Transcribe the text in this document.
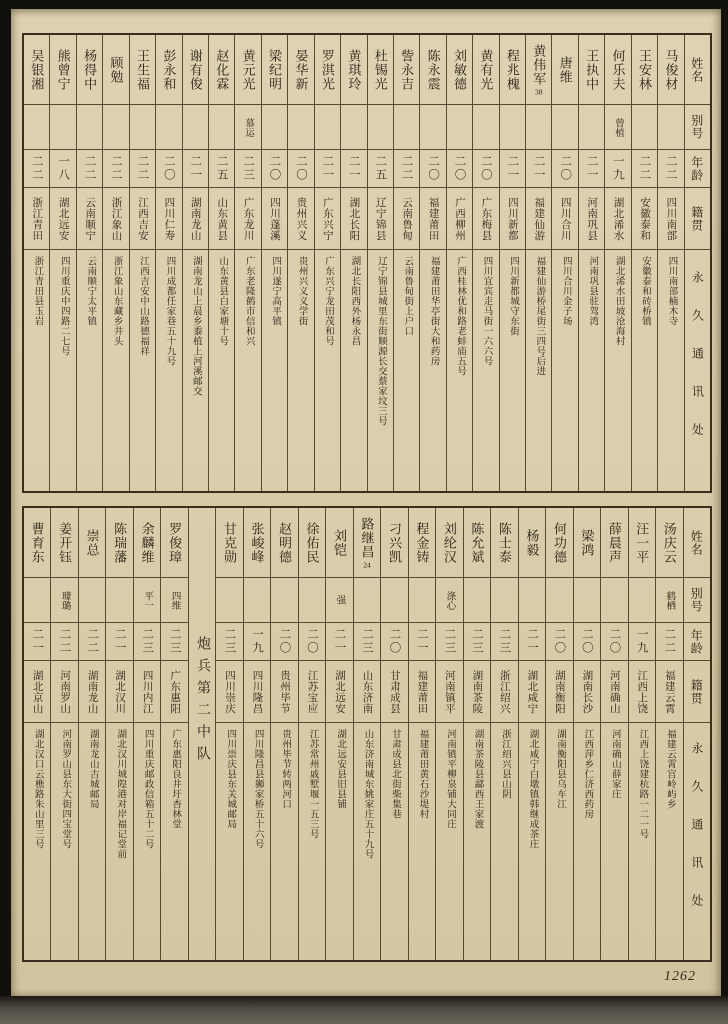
姓名
别号
年龄
籍贯
永久通讯处
马俊材
二二
四川南部
四川南部楠木寺
王安林
二二
安徽泰和
安徽泰和砖桥镇
何乐夫
曾植
一九
湖北浠水
湖北浠水田坡沧海村
王执中
二一
河南巩县
河南巩县驻驾湾
唐维
二〇
四川合川
四川合川金子场
黄伟军
38
二一
福建仙游
福建仙游桥尾街三四号后进
程兆槐
二一
四川新都
四川新都城守东街
黄有光
二〇
广东梅县
四川宜宾走马街一六六号
刘敏德
二〇
广西柳州
广西桂林优和路老蚌庙五号
陈永震
二〇
福建莆田
福建莆田华亭街大和药房
訾永吉
二二
云南鲁甸
云南鲁甸街上户口
杜锡光
二五
辽宁锦县
辽宁锦县城里东街顺源长交蔡家坟三号
黄琪玲
二一
湖北长阳
湖北长阳西外杨永昌
罗淇光
二一
广东兴宁
广东兴宁龙田茂和号
晏华新
二〇
贵州兴义
贵州兴义义学街
梁纪明
二〇
四川蓬溪
四川遂宁高平镇
黄元光
慕运
二三
广东龙川
广东老隆鹤市信和兴
赵化霖
二五
山东黄县
山东黄县白家塘十号
谢有俊
二一
湖南龙山
湖南龙山上晨乡黍植上河溪邮交
彭永和
二〇
四川仁寿
四川成都任家巷五十九号
王生福
二二
江西吉安
江西吉安中山路德福祥
顾勉
二二
浙江象山
浙江象山东藏乡井头
杨得中
二二
云南顺宁
云南顺宁太平镇
熊曾宁
一八
湖北远安
四川重庆中四路二七号
吴银湘
二二
浙江青田
浙江青田县玉岩
姓名
别号
年龄
籍贯
永久通讯处
汤庆云
鹤栖
二二
福建云霄
福建云霄宫岭屿乡
汪一平
一九
江西上饶
江西上饶建杭路一二一号
薛晨声
二〇
河南确山
河南确山薛家庄
梁鸿
二〇
湖南长沙
江西萍乡仁济西药房
何功德
二〇
湖南衡阳
湖南衡阳县乌车江
杨毅
二一
湖北咸宁
湖北咸宁白墩镇韩继成茶庄
陈士泰
二三
浙江绍兴
浙江绍兴县山阴
陈允斌
二三
湖南茶陵
湖南茶陵县酃西王家渡
刘纶汉
涤心
二三
河南镇平
河南镇平柳泉铺大同庄
程金铸
二一
福建莆田
福建莆田黄石沙堤村
刁兴凯
二〇
甘肃成县
甘肃成县北街柴集巷
路继昌
24
二三
山东济南
山东济南城东姚家庄五十九号
刘铠
强
二一
湖北远安
湖北远安县旧县铺
徐佑民
二〇
江苏宝应
江苏常州戚墅堰一五三号
赵明德
二〇
贵州毕节
贵州毕节转两河口
张峻峰
一九
四川隆昌
四川隆昌县狮家桥五十六号
甘克勋
二三
四川崇庆
四川崇庆县东关城邮局
炮兵第二中队
罗俊璋
四维
二三
广东惠阳
广东惠阳良井圩杏林堂
余麟维
平一
二三
四川内江
四川重庆邮政信箱五十二号
陈瑞藩
二一
湖北汉川
湖北汉川城隍港对岸福记堂前
崇总
二二
湖南龙山
湖南龙山古城邮局
姜开钰
璩璐
二二
河南罗山
河南罗山县东大街四宝堂号
曹育东
二一
湖北京山
湖北汉口云樵路朱山里三号
1262
